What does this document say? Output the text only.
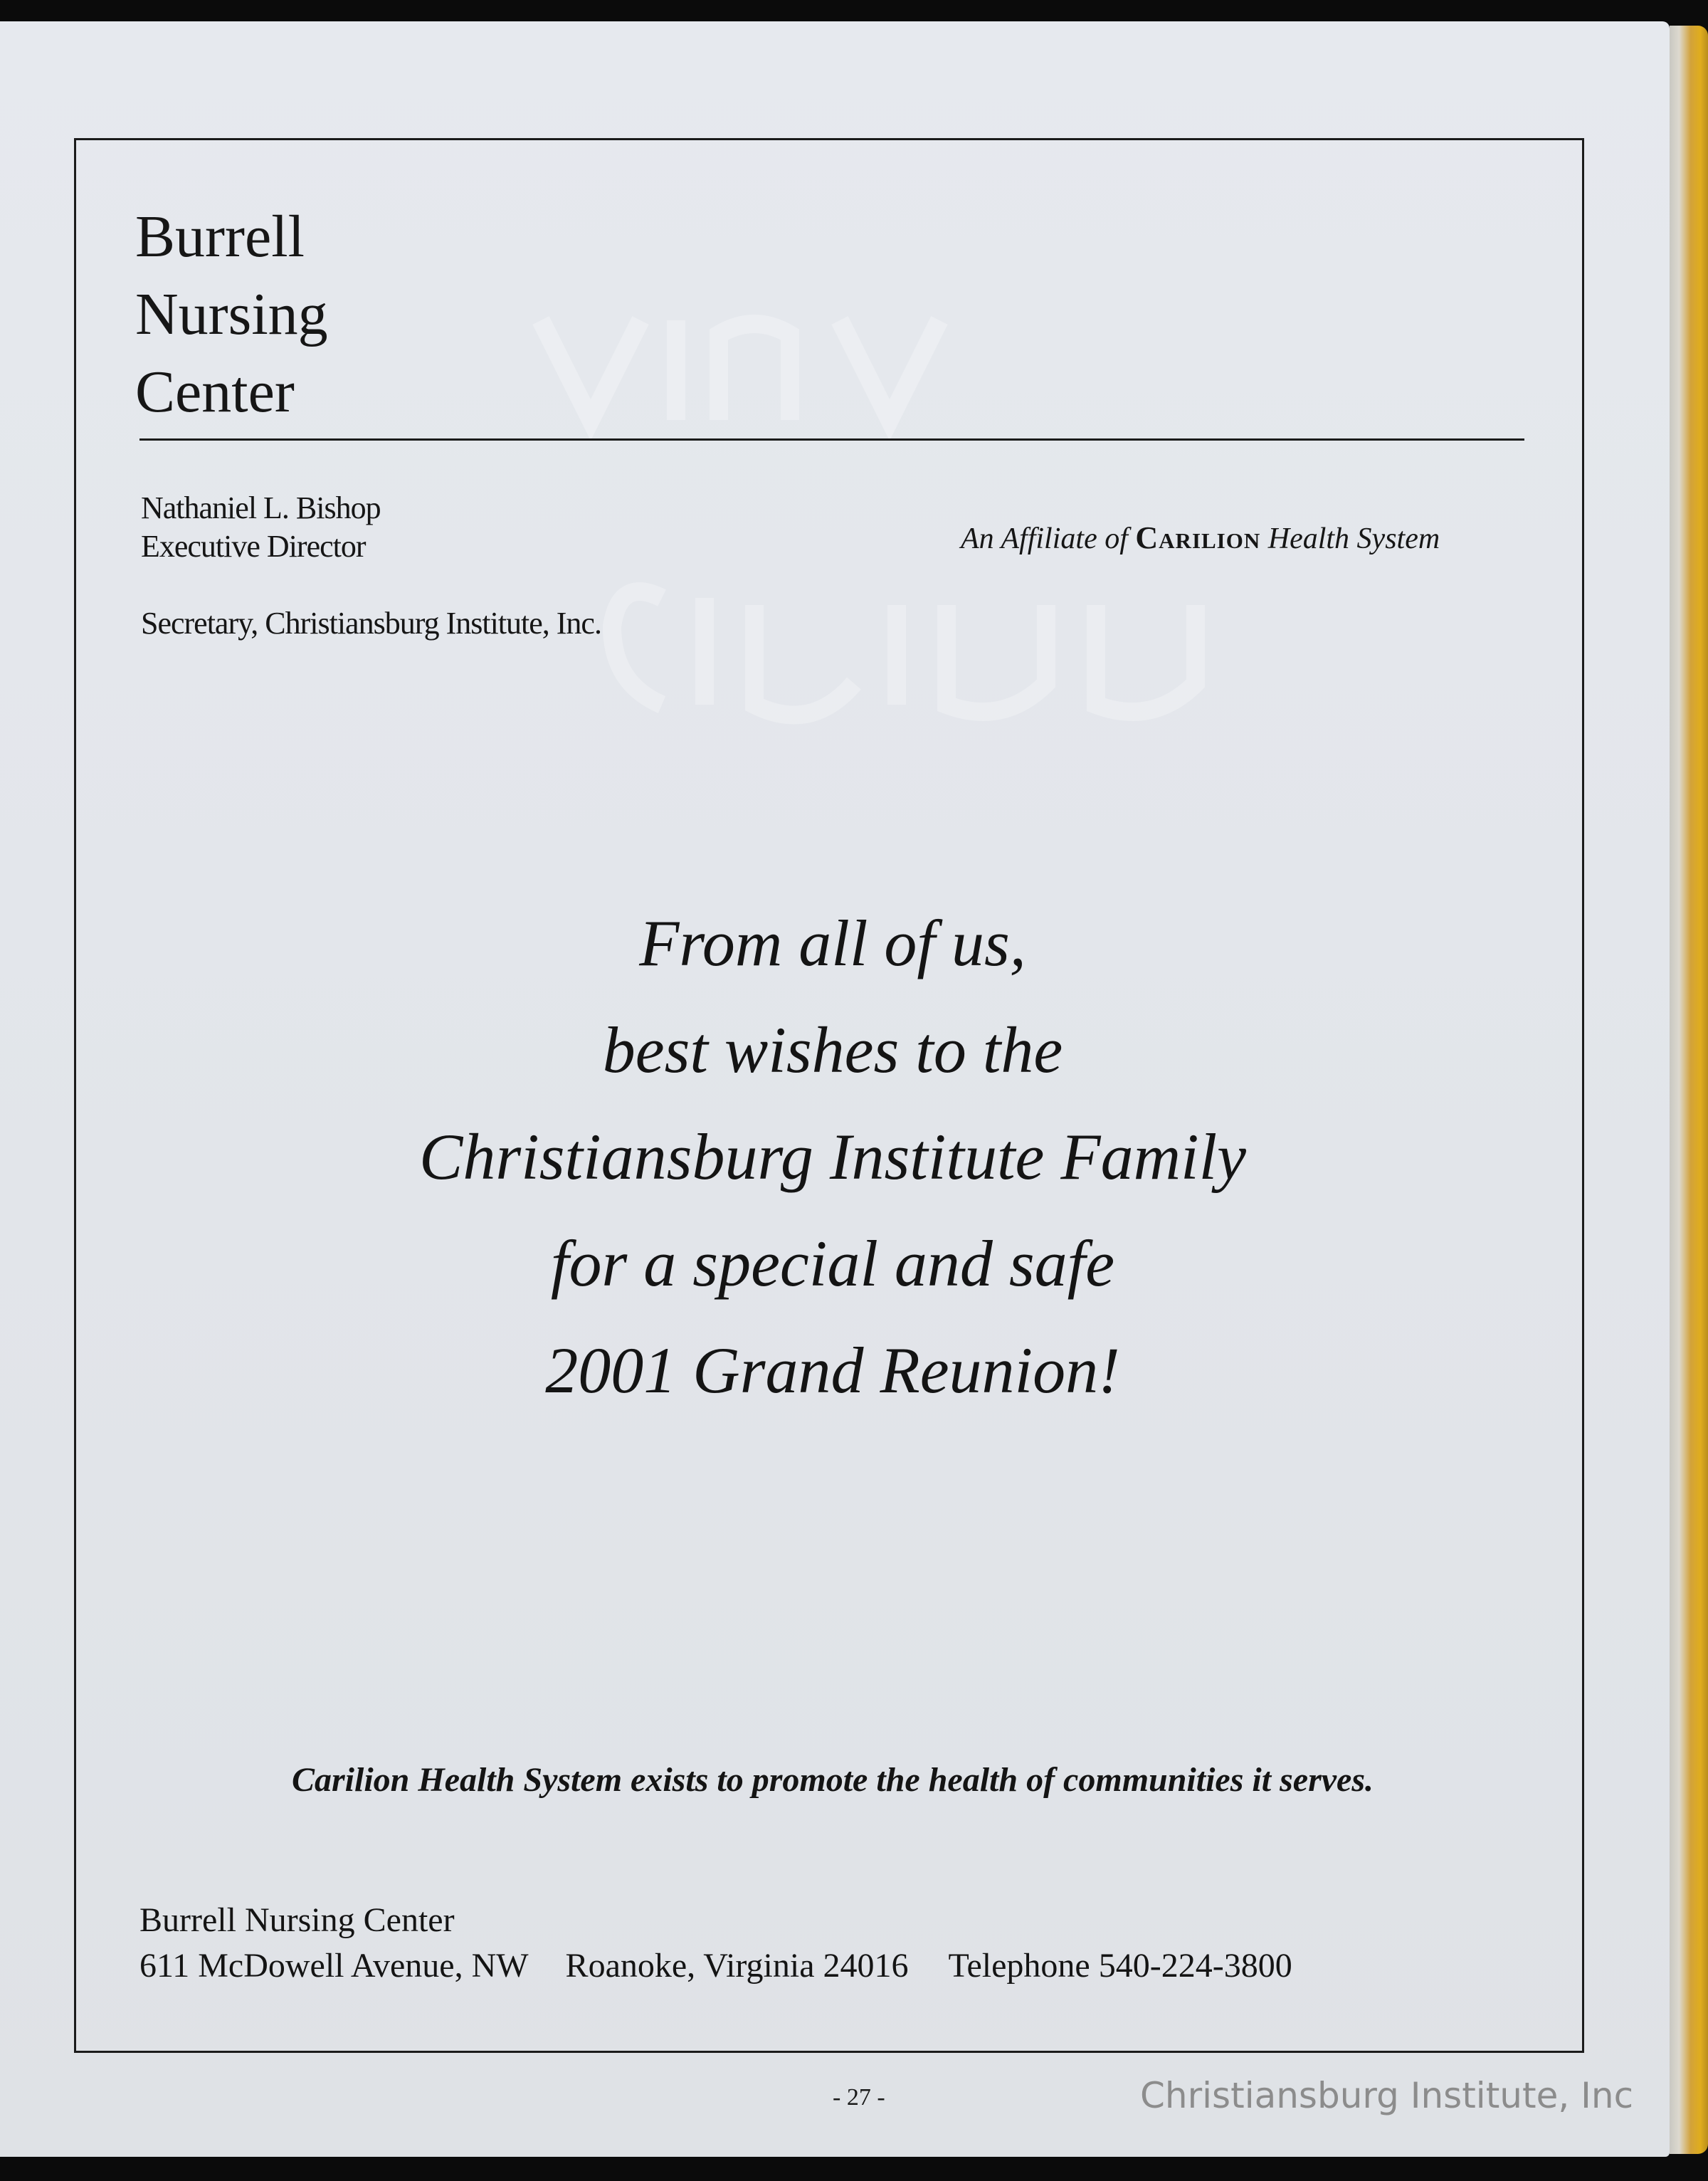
Burrell
Nursing
Center
Nathaniel L. Bishop
Executive Director
Secretary, Christiansburg Institute, Inc.
An Affiliate of Carilion Health System
From all of us,
best wishes to the
Christiansburg Institute Family
for a special and safe
2001 Grand Reunion!
Carilion Health System exists to promote the health of communities it serves.
Burrell Nursing Center
611 McDowell Avenue, NW Roanoke, Virginia 24016 Telephone 540-224-3800
- 27 -	Christiansburg Institute, Inc
